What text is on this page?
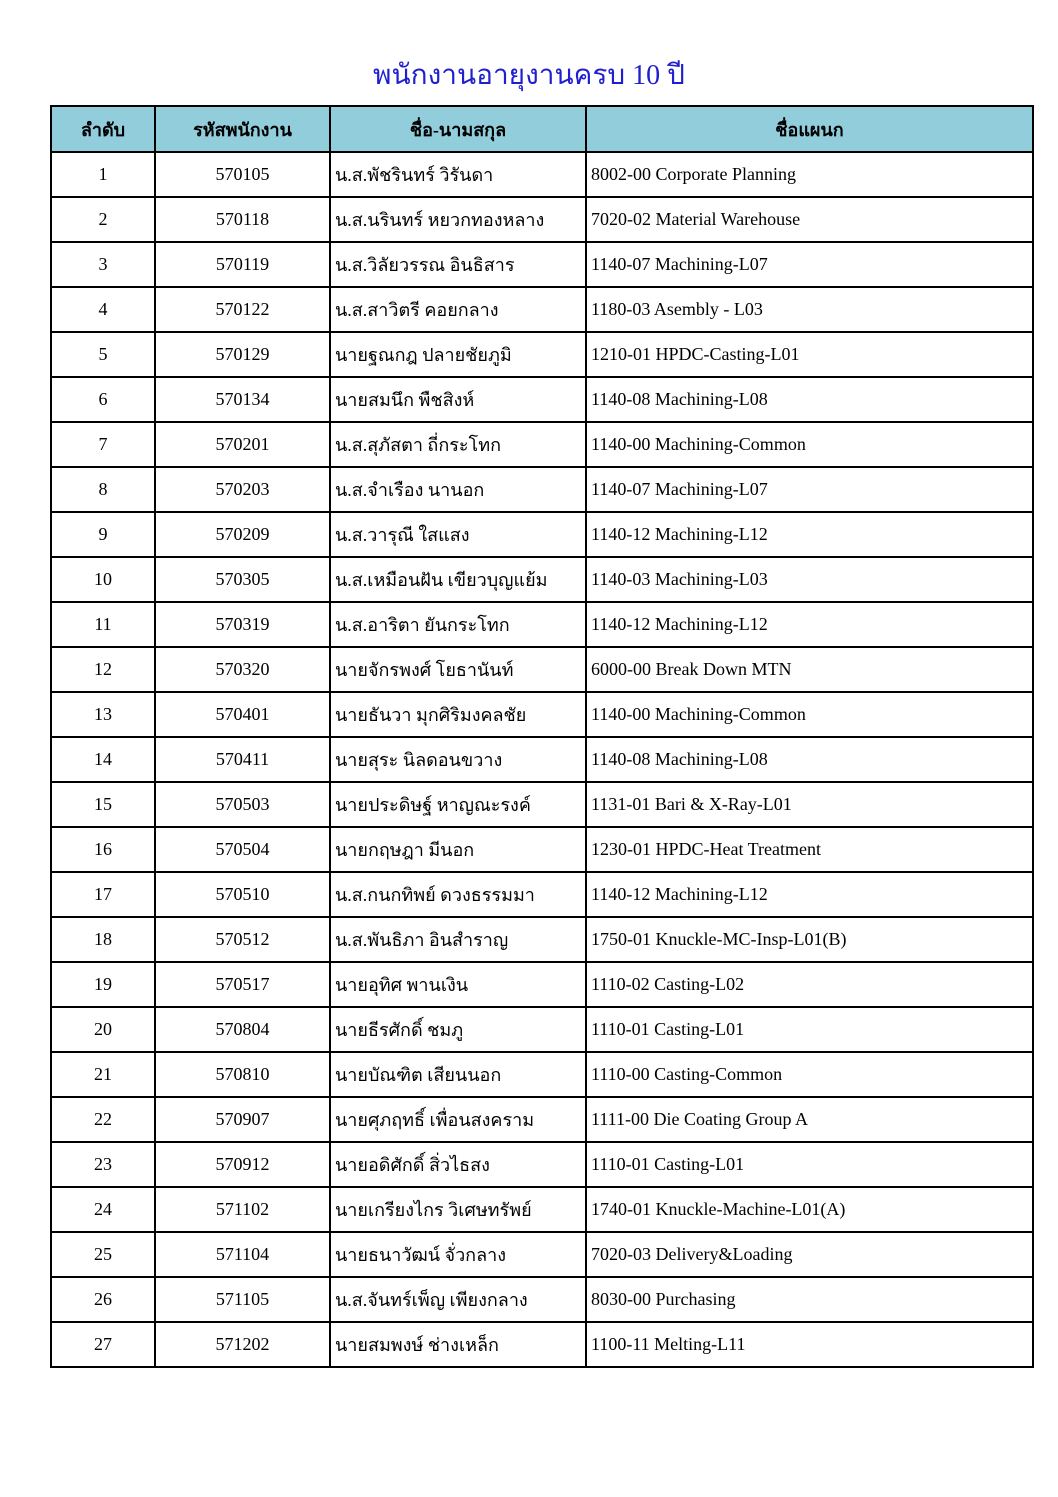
พนักงานอายุงานครบ 10 ปี
ลำดับ	รหัสพนักงาน	ชื่อ-นามสกุล	ชื่อแผนก
1	570105	น.ส.พัชรินทร์ วิรันดา	8002-00 Corporate Planning
2	570118	น.ส.นรินทร์ หยวกทองหลาง	7020-02 Material Warehouse
3	570119	น.ส.วิลัยวรรณ อินธิสาร	1140-07 Machining-L07
4	570122	น.ส.สาวิตรี คอยกลาง	1180-03 Asembly - L03
5	570129	นายฐณกฎ ปลายชัยภูมิ	1210-01 HPDC-Casting-L01
6	570134	นายสมนึก พืชสิงห์	1140-08 Machining-L08
7	570201	น.ส.สุภัสตา ถี่กระโทก	1140-00 Machining-Common
8	570203	น.ส.จำเรือง นานอก	1140-07 Machining-L07
9	570209	น.ส.วารุณี ใสแสง	1140-12 Machining-L12
10	570305	น.ส.เหมือนฝัน เขียวบุญแย้ม	1140-03 Machining-L03
11	570319	น.ส.อาริตา ยันกระโทก	1140-12 Machining-L12
12	570320	นายจักรพงศ์ โยธานันท์	6000-00 Break Down MTN
13	570401	นายธันวา มุกศิริมงคลชัย	1140-00 Machining-Common
14	570411	นายสุระ นิลดอนขวาง	1140-08 Machining-L08
15	570503	นายประดิษฐ์ หาญณะรงค์	1131-01 Bari & X-Ray-L01
16	570504	นายกฤษฎา มีนอก	1230-01 HPDC-Heat Treatment
17	570510	น.ส.กนกทิพย์ ดวงธรรมมา	1140-12 Machining-L12
18	570512	น.ส.พันธิภา อินสำราญ	1750-01 Knuckle-MC-Insp-L01(B)
19	570517	นายอุทิศ พานเงิน	1110-02 Casting-L02
20	570804	นายธีรศักดิ์ ชมภู	1110-01 Casting-L01
21	570810	นายบัณฑิต เสียนนอก	1110-00 Casting-Common
22	570907	นายศุภฤทธิ์ เพื่อนสงคราม	1111-00 Die Coating Group A
23	570912	นายอดิศักดิ์ สิ่วไธสง	1110-01 Casting-L01
24	571102	นายเกรียงไกร วิเศษทรัพย์	1740-01 Knuckle-Machine-L01(A)
25	571104	นายธนาวัฒน์ จั่วกลาง	7020-03 Delivery&Loading
26	571105	น.ส.จันทร์เพ็ญ เพียงกลาง	8030-00 Purchasing
27	571202	นายสมพงษ์ ช่างเหล็ก	1100-11 Melting-L11
